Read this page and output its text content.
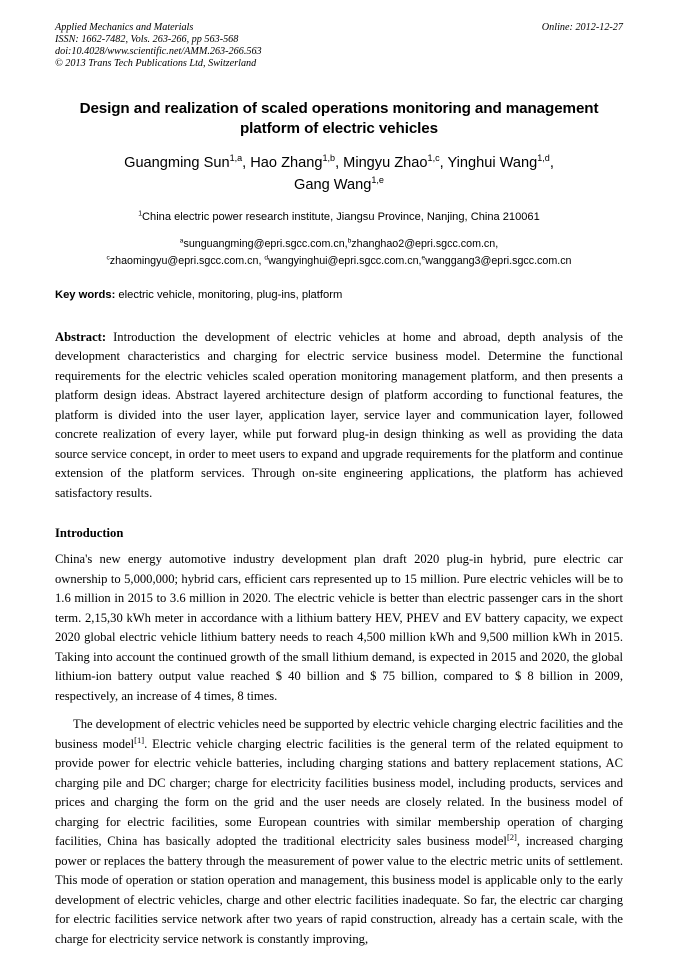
Applied Mechanics and Materials
ISSN: 1662-7482, Vols. 263-266, pp 563-568
doi:10.4028/www.scientific.net/AMM.263-266.563
© 2013 Trans Tech Publications Ltd, Switzerland
Online: 2012-12-27
Design and realization of scaled operations monitoring and management platform of electric vehicles
Guangming Sun$^{1,a}$, Hao Zhang$^{1,b}$, Mingyu Zhao$^{1,c}$, Yinghui Wang$^{1,d}$,
Gang Wang$^{1,e}$
$^1$China electric power research institute, Jiangsu Province, Nanjing, China 210061
$^a$sunguangming@epri.sgcc.com.cn,$^b$zhanghao2@epri.sgcc.com.cn,
$^c$zhaomingyu@epri.sgcc.com.cn, $^d$wangyinghui@epri.sgcc.com.cn,$^e$wanggang3@epri.sgcc.com.cn
Key words: electric vehicle, monitoring, plug-ins, platform
Abstract: Introduction the development of electric vehicles at home and abroad, depth analysis of the development characteristics and charging for electric service business model. Determine the functional requirements for the electric vehicles scaled operation monitoring management platform, and then presents a platform design ideas. Abstract layered architecture design of platform according to functional features, the platform is divided into the user layer, application layer, service layer and communication layer, followed concrete realization of every layer, while put forward plug-in design thinking as well as providing the data source service concept, in order to meet users to expand and upgrade requirements for the platform and continue extension of the platform services. Through on-site engineering applications, the platform has achieved satisfactory results.
Introduction

China's new energy automotive industry development plan draft 2020 plug-in hybrid, pure electric car ownership to 5,000,000; hybrid cars, efficient cars represented up to 15 million. Pure electric vehicles will be to 1.6 million in 2015 to 3.6 million in 2020. The electric vehicle is better than electric passenger cars in the short term. 2,15,30 kWh meter in accordance with a lithium battery HEV, PHEV and EV battery capacity, we expect 2020 global electric vehicle lithium battery needs to reach 4,500 million kWh and 9,500 million kWh in 2015. Taking into account the continued growth of the small lithium demand, is expected in 2015 and 2020, the global lithium-ion battery output value reached $ 40 billion and $ 75 billion, compared to $ 8 billion in 2009, respectively, an increase of 4 times, 8 times.

The development of electric vehicles need be supported by electric vehicle charging electric facilities and the business model[1]. Electric vehicle charging electric facilities is the general term of the related equipment to provide power for electric vehicle batteries, including charging stations and battery replacement stations, AC charging pile and DC charger; charge for electricity facilities business model, including products, services and prices and charging the form on the grid and the user needs are closely related. In the business model of charging for electric facilities, some European countries with similar membership operation of charging facilities, China has basically adopted the traditional electricity sales business model[2], increased charging power or replaces the battery through the measurement of power value to the electric metric units of settlement. This mode of operation or station operation and management, this business model is applicable only to the early development of electric vehicles, charge and other electric facilities inadequate. So far, the electric car charging for electric facilities service network after two years of rapid construction, already has a certain scale, with the charge for electricity service network is constantly improving,
